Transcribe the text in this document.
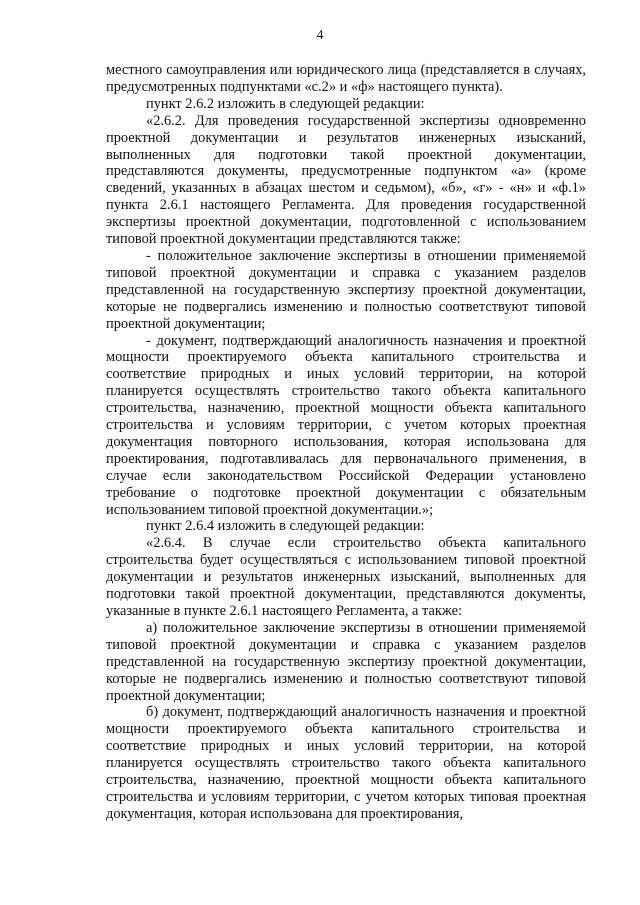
4

местного самоуправления или юридического лица (представляется в случаях, предусмотренных подпунктами «с.2» и «ф» настоящего пункта).

пункт 2.6.2 изложить в следующей редакции:

«2.6.2. Для проведения государственной экспертизы одновременно проектной документации и результатов инженерных изысканий, выполненных для подготовки такой проектной документации, представляются документы, предусмотренные подпунктом «а» (кроме сведений, указанных в абзацах шестом и седьмом), «б», «г» - «н» и «ф.1» пункта 2.6.1 настоящего Регламента. Для проведения государственной экспертизы проектной документации, подготовленной с использованием типовой проектной документации представляются также:

- положительное заключение экспертизы в отношении применяемой типовой проектной документации и справка с указанием разделов представленной на государственную экспертизу проектной документации, которые не подвергались изменению и полностью соответствуют типовой проектной документации;

- документ, подтверждающий аналогичность назначения и проектной мощности проектируемого объекта капитального строительства и соответствие природных и иных условий территории, на которой планируется осуществлять строительство такого объекта капитального строительства, назначению, проектной мощности объекта капитального строительства и условиям территории, с учетом которых проектная документация повторного использования, которая использована для проектирования, подготавливалась для первоначального применения, в случае если законодательством Российской Федерации установлено требование о подготовке проектной документации с обязательным использованием типовой проектной документации.»;

пункт 2.6.4 изложить в следующей редакции:

«2.6.4. В случае если строительство объекта капитального строительства будет осуществляться с использованием типовой проектной документации и результатов инженерных изысканий, выполненных для подготовки такой проектной документации, представляются документы, указанные в пункте 2.6.1 настоящего Регламента, а также:

а) положительное заключение экспертизы в отношении применяемой типовой проектной документации и справка с указанием разделов представленной на государственную экспертизу проектной документации, которые не подвергались изменению и полностью соответствуют типовой проектной документации;

б) документ, подтверждающий аналогичность назначения и проектной мощности проектируемого объекта капитального строительства и соответствие природных и иных условий территории, на которой планируется осуществлять строительство такого объекта капитального строительства, назначению, проектной мощности объекта капитального строительства и условиям территории, с учетом которых типовая проектная документация, которая использована для проектирования,
